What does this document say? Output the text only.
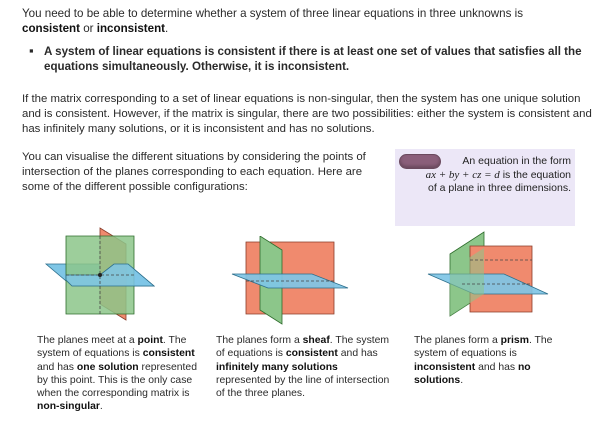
You need to be able to determine whether a system of three linear equations in three unknowns is consistent or inconsistent.

▪ A system of linear equations is consistent if there is at least one set of values that satisfies all the equations simultaneously. Otherwise, it is inconsistent.

If the matrix corresponding to a set of linear equations is non-singular, then the system has one unique solution and is consistent. However, if the matrix is singular, there are two possibilities: either the system is consistent and has infinitely many solutions, or it is inconsistent and has no solutions.

You can visualise the different situations by considering the points of intersection of the planes corresponding to each equation. Here are some of the different possible configurations:

An equation in the form
ax + by + cz = d is the equation
of a plane in three dimensions.

The planes meet at a point. The system of equations is consistent and has one solution represented by this point. This is the only case when the corresponding matrix is non-singular.

The planes form a sheaf. The system of equations is consistent and has infinitely many solutions represented by the line of intersection of the three planes.

The planes form a prism. The system of equations is inconsistent and has no solutions.
